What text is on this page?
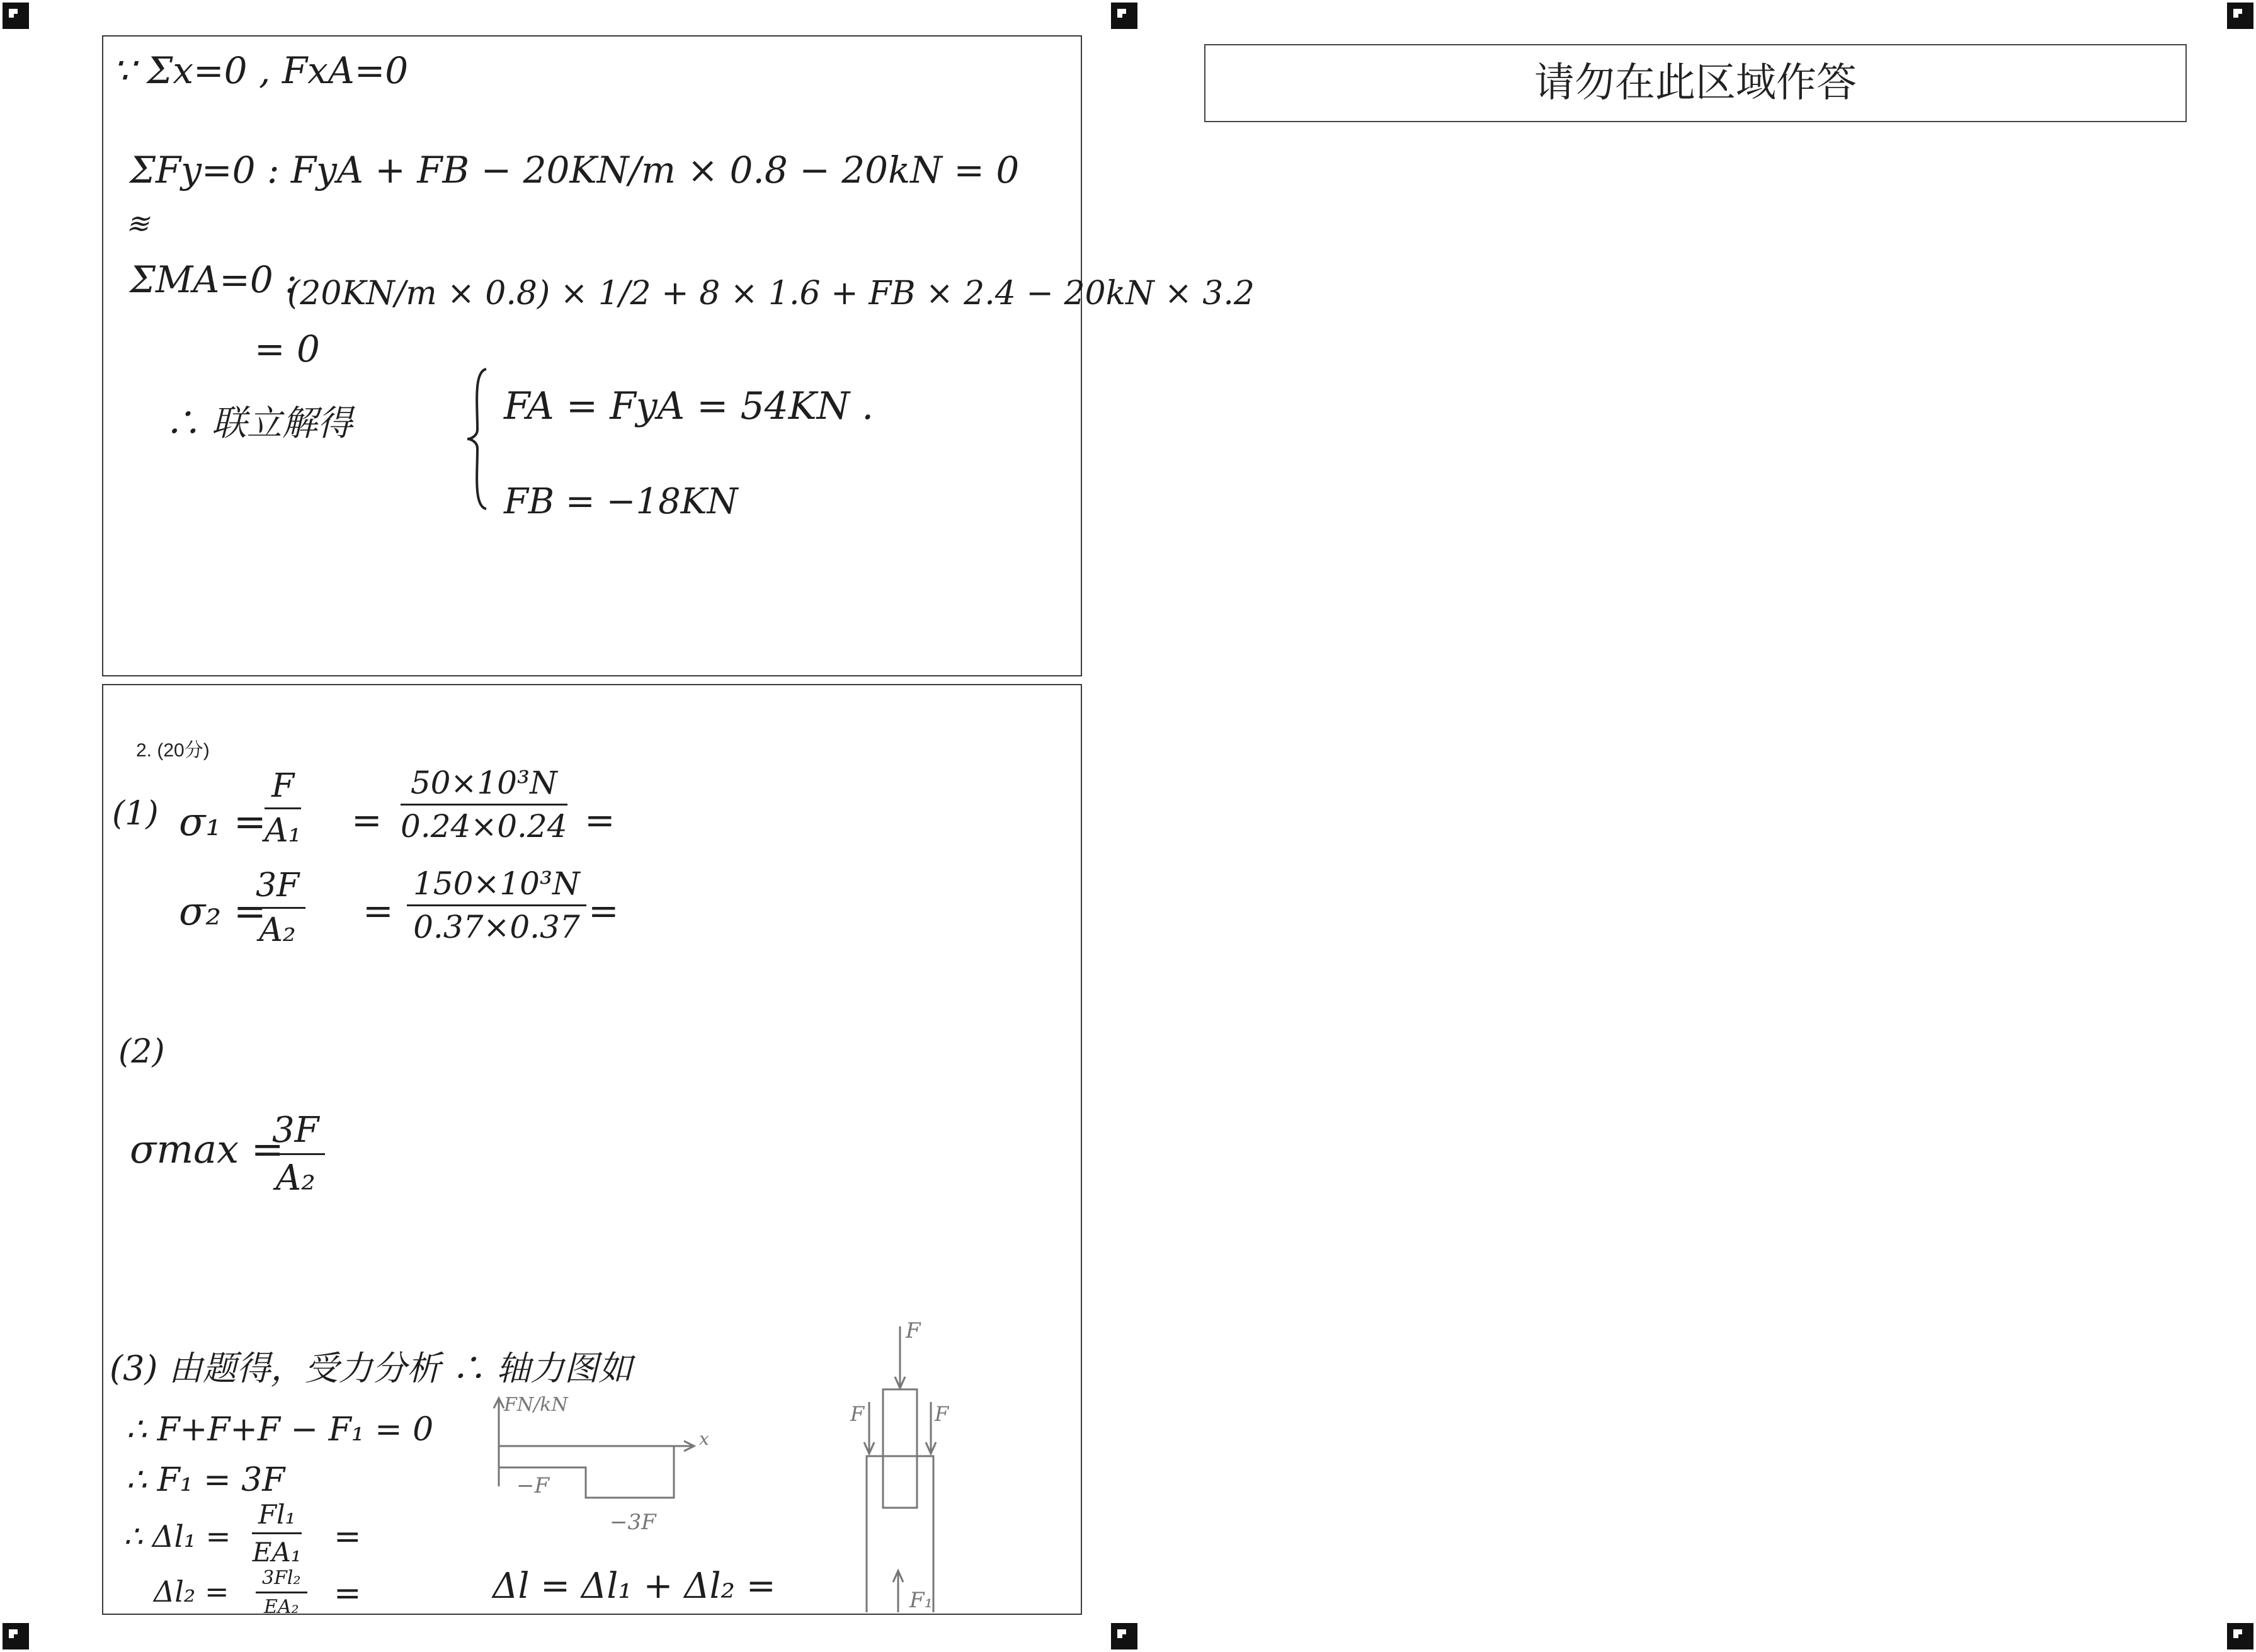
请勿在此区域作答
∵ Σx=0 , FxA=0
ΣFy=0 : FyA + FB − 20KN/m × 0.8 − 20kN = 0
≋
ΣMA=0 :
(20KN/m × 0.8) × 1/2 + 8 × 1.6 + FB × 2.4 − 20kN × 3.2
= 0
∴ 联立解得	FA = FyA = 54KN .
FB = −18KN
2. (20分)
(1) σ₁ =
$\frac{F}{\text{A₁}} = \frac{\text{50×10³N}}{0.24\times 0.24}$ =
σ₂ =
$\frac{3F}{\text{A₂}} = \frac{\text{150×10³N}}{0.37\times 0.37}$ =
(2)
σmax =
$\frac{3F}{\text{A₂}}$
(3) 由题得，受力分析 ∴ 轴力图如
∴ F+F+F − F₁ = 0
∴ F₁ = 3F
∴ $\Delta l_1 = \frac{\text{Fl₁}}{\text{EA₁}}$ =
$\Delta l_2 = \frac{\text{3Fl₂}}{\text{EA₂}}$ =	Δl = Δl₁ + Δl₂ =
FN/kN
x
−F
−3F
F
F	F
F₁
